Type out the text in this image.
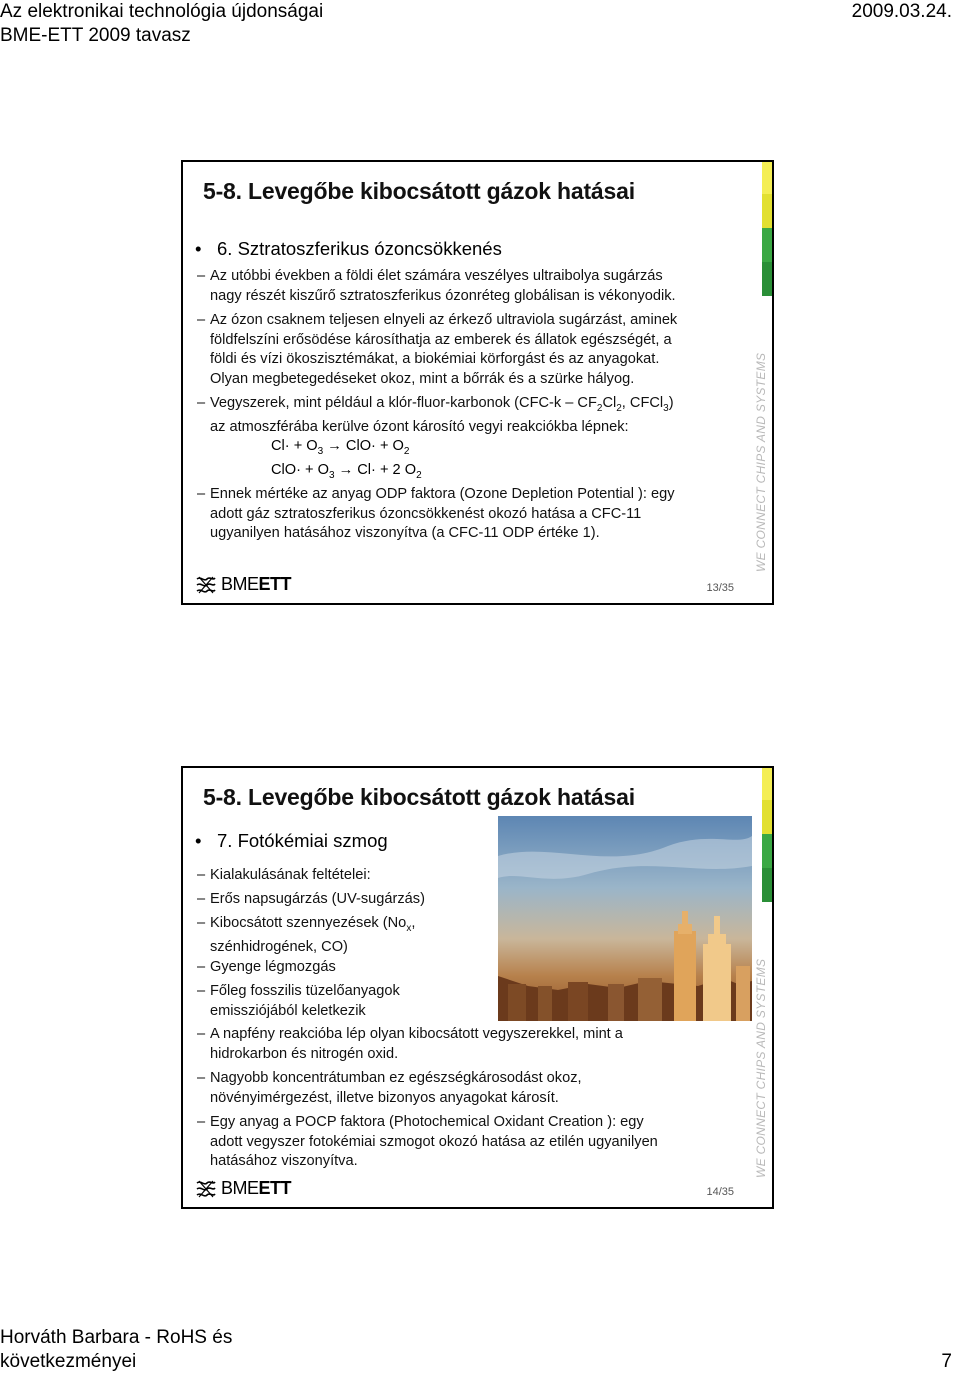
Az elektronikai technológia újdonságai
BME-ETT 2009 tavasz
2009.03.24.
WE CONNECT CHIPS AND SYSTEMS
5-8. Levegőbe kibocsátott gázok hatásai
• 6. Sztratoszferikus ózoncsökkenés
– Az utóbbi években a földi élet számára veszélyes ultraibolya sugárzás
nagy részét kiszűrő sztratoszferikus ózonréteg globálisan is vékonyodik.
– Az ózon csaknem teljesen elnyeli az érkező ultraviola sugárzást, aminek
földfelszíni erősödése károsíthatja az emberek és állatok egészségét, a
földi és vízi ökoszisztémákat, a biokémiai körforgást és az anyagokat.
Olyan megbetegedéseket okoz, mint a bőrrák és a szürke hályog.
– Vegyszerek, mint például a klór-fluor-karbonok ($CFC-k - CF_2Cl_2$, CFCl$_3$)
az atmoszférába kerülve ózont károsító vegyi reakciókba lépnek:
$Cl\cdot + O_3 \to ClO\cdot + O_2$
$ClO\cdot + O_3 \to Cl\cdot + 2$ $O_2$
– Ennek mértéke az anyag ODP faktora (Ozone Depletion Potential ): egy
adott gáz sztratoszferikus ózoncsökkenést okozó hatása a CFC-11
ugyanilyen hatásához viszonyítva (a CFC-11 ODP értéke 1).
BMEETT	13/35
WE CONNECT CHIPS AND SYSTEMS
5-8. Levegőbe kibocsátott gázok hatásai
• 7. Fotókémiai szmog
– Kialakulásának feltételei:
– Erős napsugárzás (UV-sugárzás)
– Kibocsátott szennyezések ($No_x$,
szénhidrogének, CO)
– Gyenge légmozgás
– Főleg fosszilis tüzelőanyagok
emissziójából keletkezik
– A napfény reakcióba lép olyan kibocsátott vegyszerekkel, mint a
hidrokarbon és nitrogén oxid.
– Nagyobb koncentrátumban ez egészségkárosodást okoz,
növényimérgezést, illetve bizonyos anyagokat károsít.
– Egy anyag a POCP faktora (Photochemical Oxidant Creation ): egy
adott vegyszer fotokémiai szmogot okozó hatása az etilén ugyanilyen
hatásához viszonyítva.
BMEETT	14/35
Horváth Barbara - RoHS és
következményei	7
